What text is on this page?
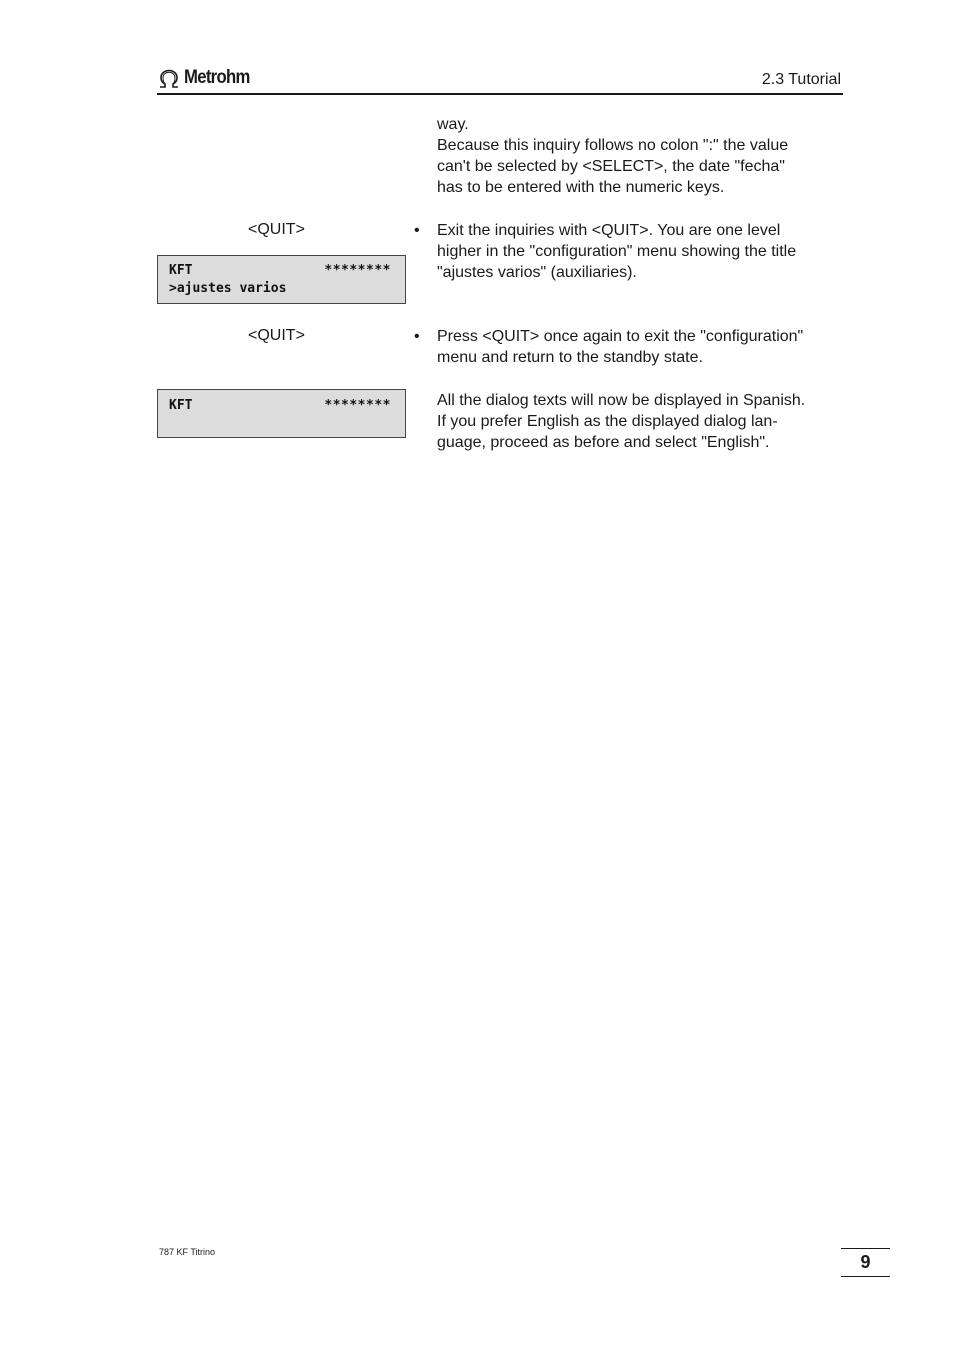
Metrohm	2.3 Tutorial
way.
Because this inquiry follows no colon ":" the value
can't be selected by <SELECT>, the date "fecha"
has to be entered with the numeric keys.
<QUIT>	• Exit the inquiries with <QUIT>. You are one level
higher in the "configuration" menu showing the title
"ajustes varios" (auxiliaries).
KFT	********
>ajustes varios
<QUIT>	• Press <QUIT> once again to exit the "configuration"
menu and return to the standby state.
KFT	********	All the dialog texts will now be displayed in Spanish.
If you prefer English as the displayed dialog lan-
guage, proceed as before and select "English".
787 KF Titrino	9
